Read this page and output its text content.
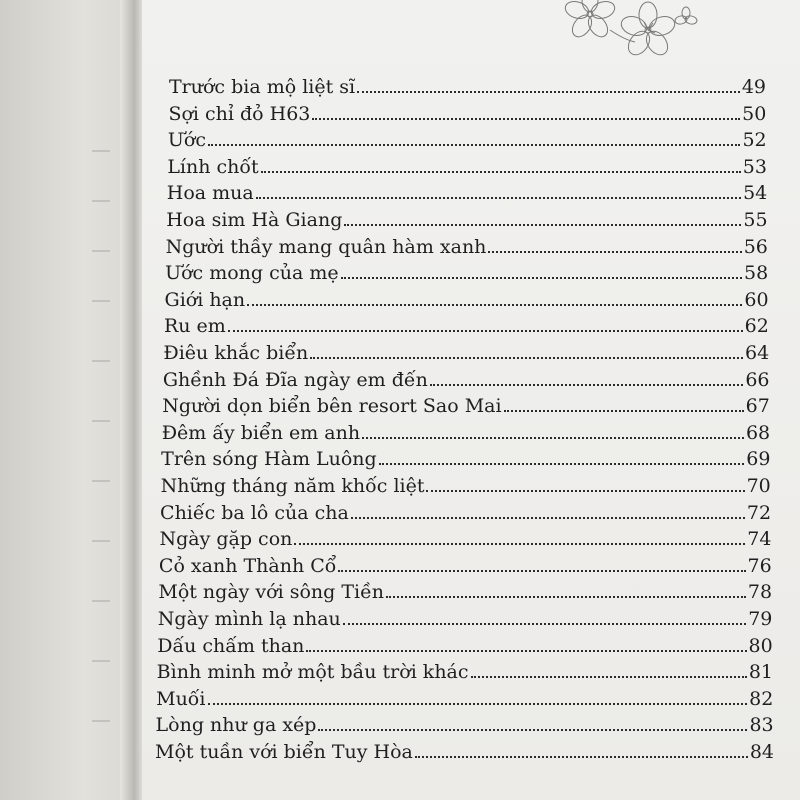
Trước bia mộ liệt sĩ	49
Sợi chỉ đỏ H63	50
Ước	52
Lính chốt	53
Hoa mua	54
Hoa sim Hà Giang	55
Người thầy mang quân hàm xanh	56
Ước mong của mẹ	58
Giới hạn	60
Ru em	62
Điêu khắc biển	64
Ghềnh Đá Đĩa ngày em đến	66
Người dọn biển bên resort Sao Mai	67
Đêm ấy biển em anh	68
Trên sóng Hàm Luông	69
Những tháng năm khốc liệt	70
Chiếc ba lô của cha	72
Ngày gặp con	74
Cỏ xanh Thành Cổ	76
Một ngày với sông Tiền	78
Ngày mình lạ nhau	79
Dấu chấm than	80
Bình minh mở một bầu trời khác	81
Muối	82
Lòng như ga xép	83
Một tuần với biển Tuy Hòa	84
